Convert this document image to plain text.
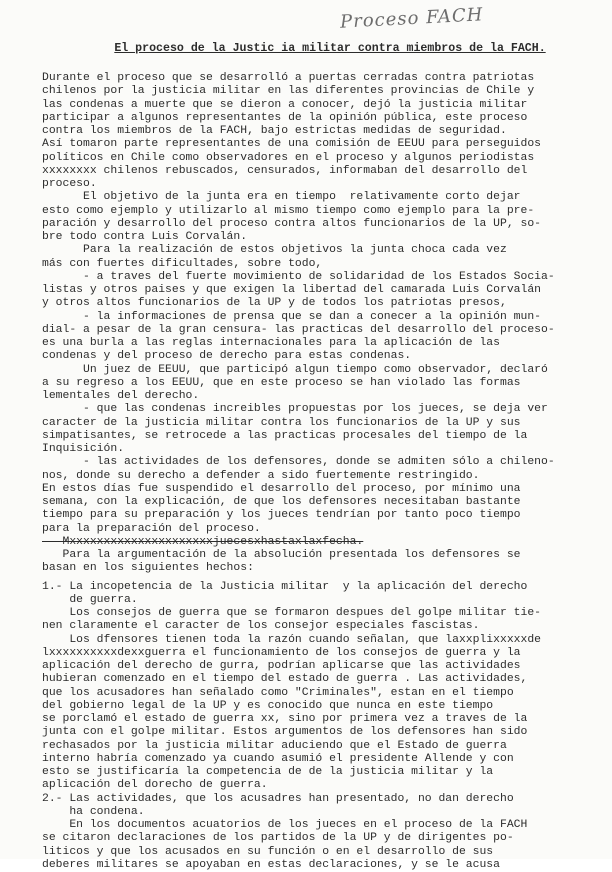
Proceso FACH
El proceso de la Justic ia militar contra miembros de la FACH.
Durante el proceso que se desarrolló a puertas cerradas contra patriotas
chilenos por la justicia militar en las diferentes provincias de Chile y
las condenas a muerte que se dieron a conocer, dejó la justicia militar
participar a algunos representantes de la opinión pública, este proceso
contra los miembros de la FACH, bajo estrictas medidas de seguridad.
Así tomaron parte representantes de una comisión de EEUU para perseguidos
políticos en Chile como observadores en el proceso y algunos periodistas
xxxxxxxx chilenos rebuscados, censurados, informaban del desarrollo del
proceso.
El objetivo de la junta era en tiempo  relativamente corto dejar
esto como ejemplo y utilizarlo al mismo tiempo como ejemplo para la pre-
paración y desarrollo del proceso contra altos funcionarios de la UP, so-
bre todo contra Luis Corvalán.
Para la realización de estos objetivos la junta choca cada vez
más con fuertes dificultades, sobre todo,
- a traves del fuerte movimiento de solidaridad de los Estados Socia-
listas y otros paises y que exigen la libertad del camarada Luis Corvalán
y otros altos funcionarios de la UP y de todos los patriotas presos,
- la informaciones de prensa que se dan a conecer a la opinión mun-
dial- a pesar de la gran censura- las practicas del desarrollo del proceso-
es una burla a las reglas internacionales para la aplicación de las
condenas y del proceso de derecho para estas condenas.
Un juez de EEUU, que participó algun tiempo como observador, declaró
a su regreso a los EEUU, que en este proceso se han violado las formas
lementales del derecho.
- que las condenas increibles propuestas por los jueces, se deja ver
caracter de la justicia militar contra los funcionarios de la UP y sus
simpatisantes, se retrocede a las practicas procesales del tiempo de la
Inquisición.
- las actividades de los defensores, donde se admiten sólo a chileno-
nos, donde su derecho a defender a sido fuertemente restringido.
En estos días fue suspendido el desarrollo del proceso, por mínimo una
semana, con la explicación, de que los defensores necesitaban bastante
tiempo para su preparación y los jueces tendrían por tanto poco tiempo
para la preparación del proceso.
Mxxxxxxxxxxxxxxxxxxxxxjuecesxhastaxlaxfecha.
Para la argumentación de la absolución presentada los defensores se
basan en los siguientes hechos:
1.- La incopetencia de la Justicia militar  y la aplicación del derecho
de guerra.
Los consejos de guerra que se formaron despues del golpe militar tie-
nen claramente el caracter de los consejor especiales fascistas.
Los dfensores tienen toda la razón cuando señalan, que laxxplixxxxxde
lxxxxxxxxxxdexxguerra el funcionamiento de los consejos de guerra y la
aplicación del derecho de gurra, podrían aplicarse que las actividades
hubieran comenzado en el tiempo del estado de guerra . Las actividades,
que los acusadores han señalado como "Criminales", estan en el tiempo
del gobierno legal de la UP y es conocido que nunca en este tiempo
se porclamó el estado de guerra xx, sino por primera vez a traves de la
junta con el golpe militar. Estos argumentos de los defensores han sido
rechasados por la justicia militar aduciendo que el Estado de guerra
interno habría comenzado ya cuando asumió el presidente Allende y con
esto se justificaría la competencia de de la justicia militar y la
aplicación del dorecho de guerra.
2.- Las actividades, que los acusadres han presentado, no dan derecho
ha condena.
En los documentos acuatorios de los jueces en el proceso de la FACH
se citaron declaraciones de los partidos de la UP y de dirigentes po-
liticos y que los acusados en su función o en el desarrollo de sus
deberes militares se apoyaban en estas declaraciones, y se le acusa
